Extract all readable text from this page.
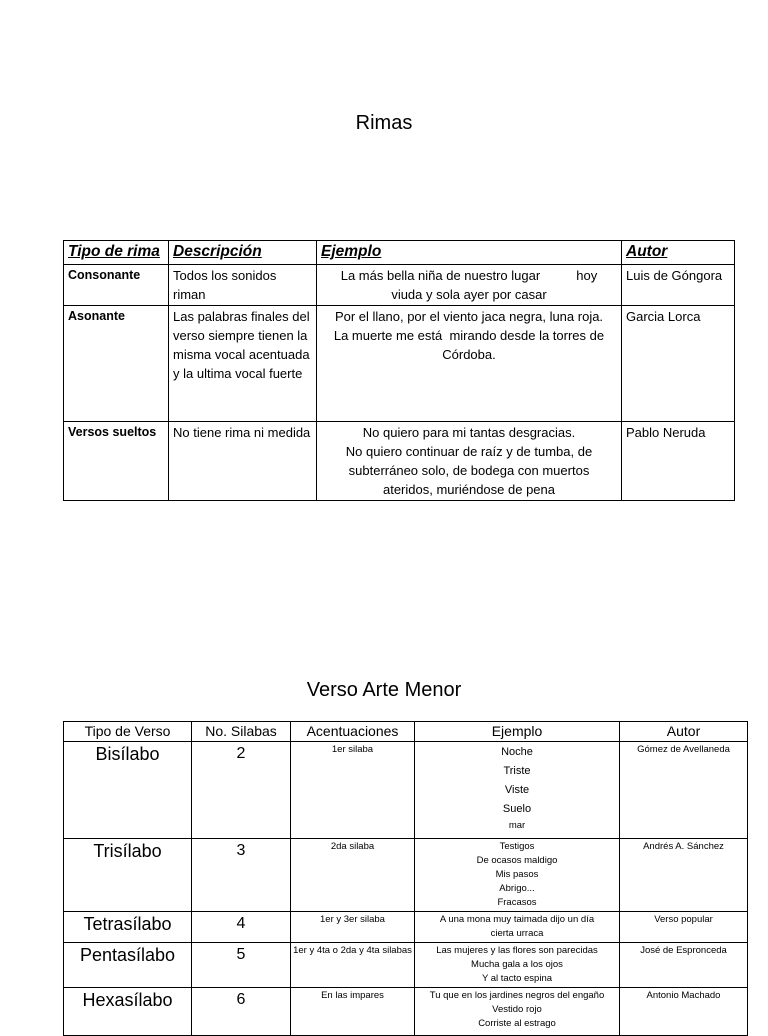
Rimas
Tipo de rima	Descripción	Ejemplo	Autor
Consonante	Todos los sonidos riman	La más bella niña de nuestro lugar          hoy
viuda y sola ayer por casar	Luis de Góngora
Asonante	Las palabras finales del verso siempre tienen la misma vocal acentuada y la ultima vocal fuerte	Por el llano, por el viento jaca negra, luna roja.
La muerte me está  mirando desde la torres de
Córdoba.	Garcia Lorca
Versos sueltos	No tiene rima ni medida	No quiero para mi tantas desgracias.
No quiero continuar de raíz y de tumba, de
subterráneo solo, de bodega con muertos
ateridos, muriéndose de pena	Pablo Neruda
Verso Arte Menor
Tipo de Verso	No. Silabas	Acentuaciones	Ejemplo	Autor
Bisílabo	2	1er silaba	Noche
Triste
Viste
Suelo
mar	Gómez de Avellaneda
Trisílabo	3	2da silaba	Testigos
De ocasos maldigo
Mis pasos
Abrigo...
Fracasos	Andrés A. Sánchez
Tetrasílabo	4	1er y 3er silaba	A una mona muy taimada dijo un día
cierta urraca	Verso popular
Pentasílabo	5	1er y 4ta o 2da y 4ta silabas	Las mujeres y las flores son parecidas
Mucha gala a los ojos
Y al tacto espina	José de Espronceda
Hexasílabo	6	En las impares	Tu que en los jardines negros del engaño
Vestido rojo
Corriste al estrago	Antonio Machado
